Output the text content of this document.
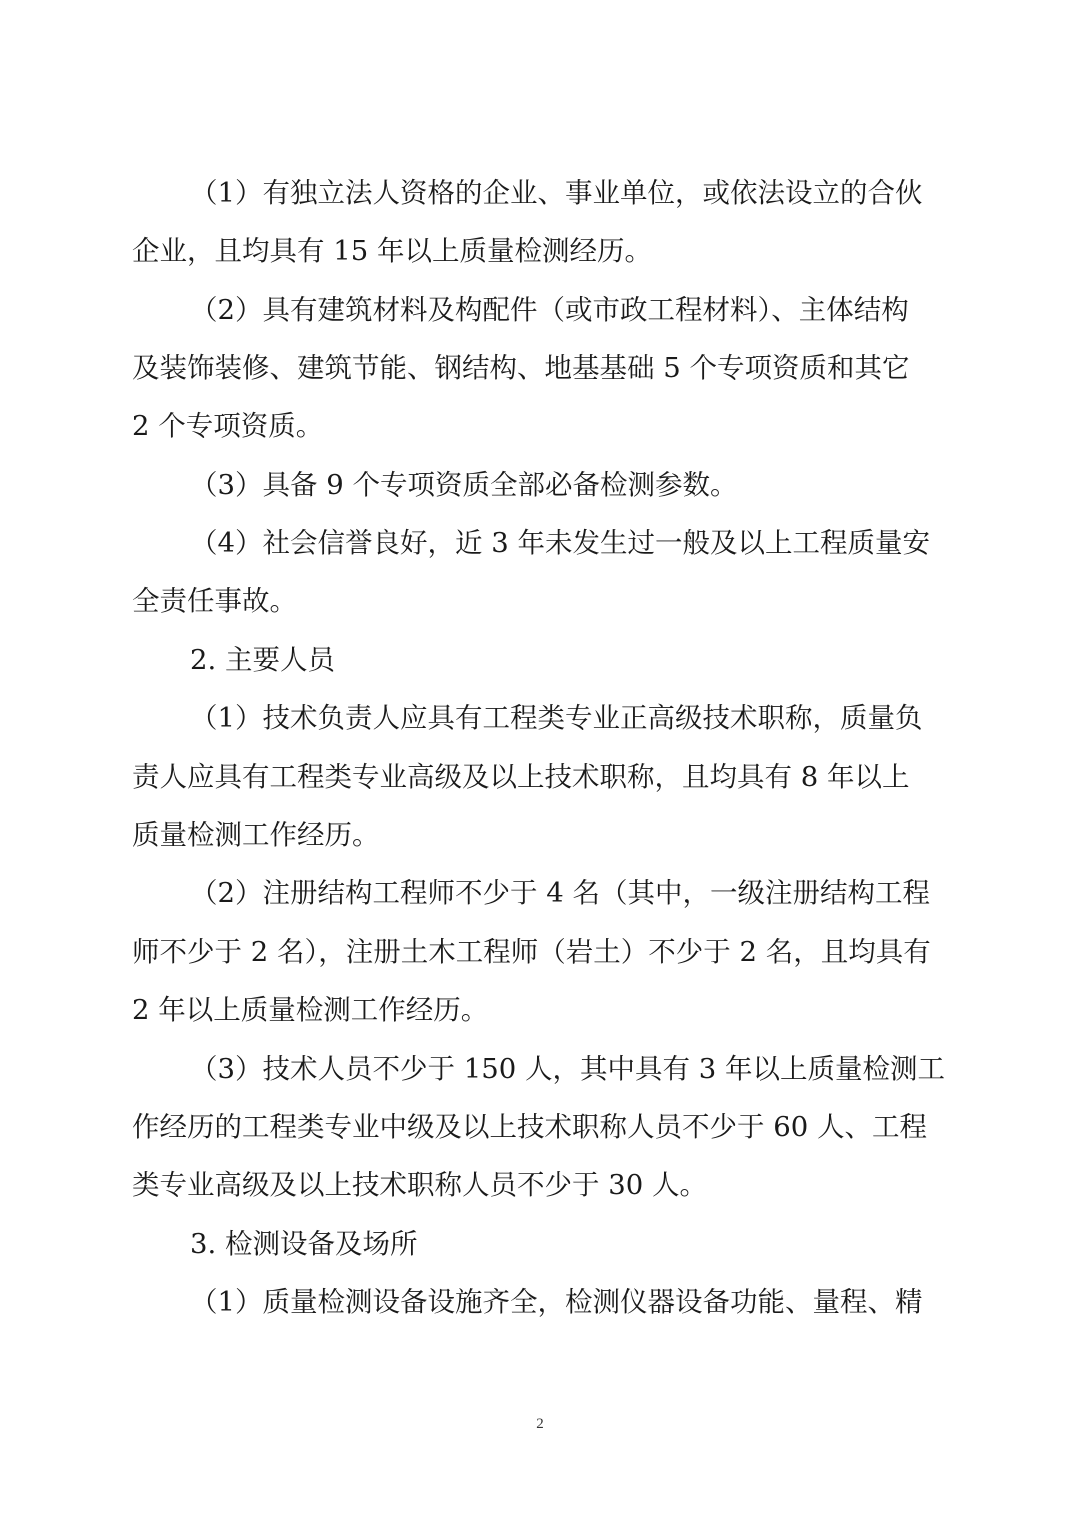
（1）有独立法人资格的企业、事业单位，或依法设立的合伙
企业，且均具有 15 年以上质量检测经历。
（2）具有建筑材料及构配件（或市政工程材料）、主体结构
及装饰装修、建筑节能、钢结构、地基基础 5 个专项资质和其它
2 个专项资质。
（3）具备 9 个专项资质全部必备检测参数。
（4）社会信誉良好，近 3 年未发生过一般及以上工程质量安
全责任事故。
2. 主要人员
（1）技术负责人应具有工程类专业正高级技术职称，质量负
责人应具有工程类专业高级及以上技术职称，且均具有 8 年以上
质量检测工作经历。
（2）注册结构工程师不少于 4 名（其中，一级注册结构工程
师不少于 2 名），注册土木工程师（岩土）不少于 2 名，且均具有
2 年以上质量检测工作经历。
（3）技术人员不少于 150 人，其中具有 3 年以上质量检测工
作经历的工程类专业中级及以上技术职称人员不少于 60 人、工程
类专业高级及以上技术职称人员不少于 30 人。
3. 检测设备及场所
（1）质量检测设备设施齐全，检测仪器设备功能、量程、精
2
